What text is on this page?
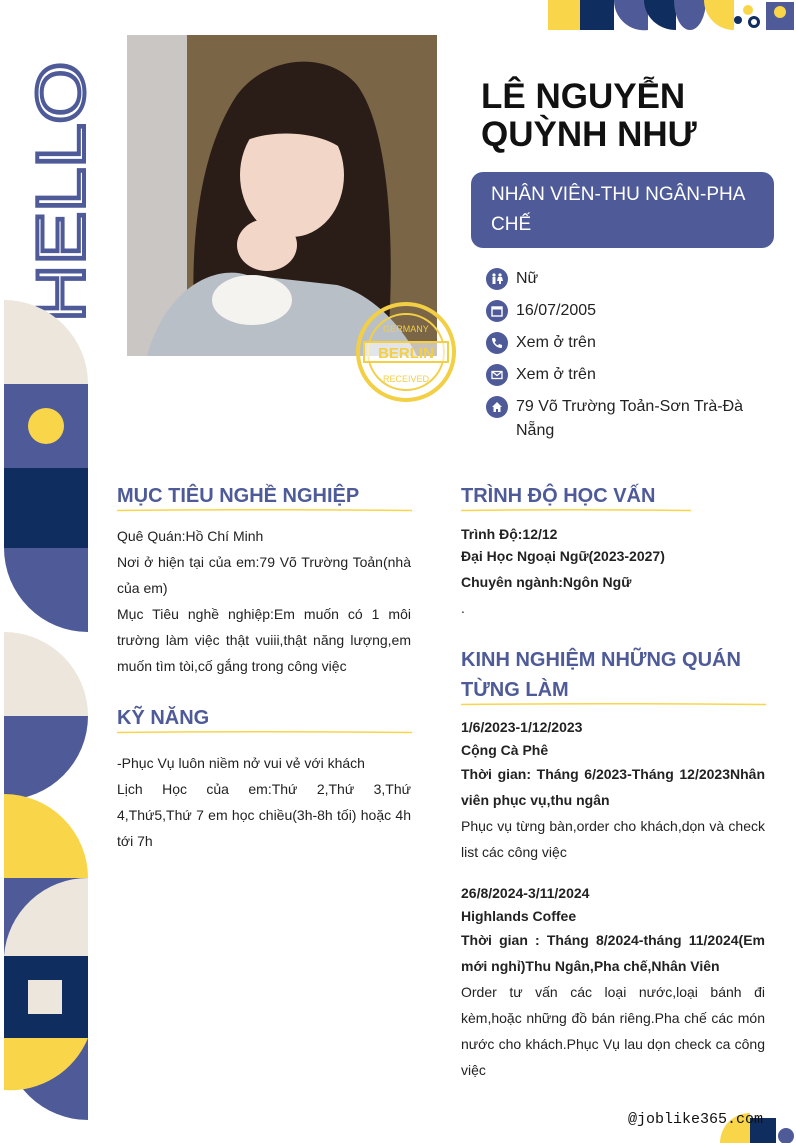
HELLO
BERLIN
GERMANY
RECEIVED
LÊ NGUYỄN
QUỲNH NHƯ
NHÂN VIÊN-THU NGÂN-PHA CHẾ
Nữ
16/07/2005
Xem ở trên
Xem ở trên
79 Võ Trường Toản-Sơn Trà-Đà Nẵng
MỤC TIÊU NGHỀ NGHIỆP
Quê Quán:Hồ Chí Minh
Nơi ở hiện tại của em:79 Võ Trường Toản(nhà của em)
Mục Tiêu nghề nghiệp:Em muốn có 1 môi trường làm việc thật vuiii,thật năng lượng,em muốn tìm tòi,cố gắng trong công việc
KỸ NĂNG
-Phục Vụ luôn niềm nở vui vẻ với khách
Lịch Học của em:Thứ 2,Thứ 3,Thứ 4,Thứ5,Thứ 7 em học chiều(3h-8h tối) hoặc 4h tới 7h
TRÌNH ĐỘ HỌC VẤN
Trình Độ:12/12
Đại Học Ngoại Ngữ(2023-2027)
Chuyên ngành:Ngôn Ngữ
.
KINH NGHIỆM NHỮNG QUÁN TỪNG LÀM
1/6/2023-1/12/2023
Cộng Cà Phê
Thời gian: Tháng 6/2023-Tháng 12/2023Nhân viên phục vụ,thu ngân
Phục vụ từng bàn,order cho khách,dọn và check list các công việc
26/8/2024-3/11/2024
Highlands Coffee
Thời gian : Tháng 8/2024-tháng 11/2024(Em mới nghỉ)Thu Ngân,Pha chế,Nhân Viên
Order tư vấn các loại nước,loại bánh đi kèm,hoặc những đồ bán riêng.Pha chế các món nước cho khách.Phục Vụ lau dọn check ca công việc
@joblike365.com
